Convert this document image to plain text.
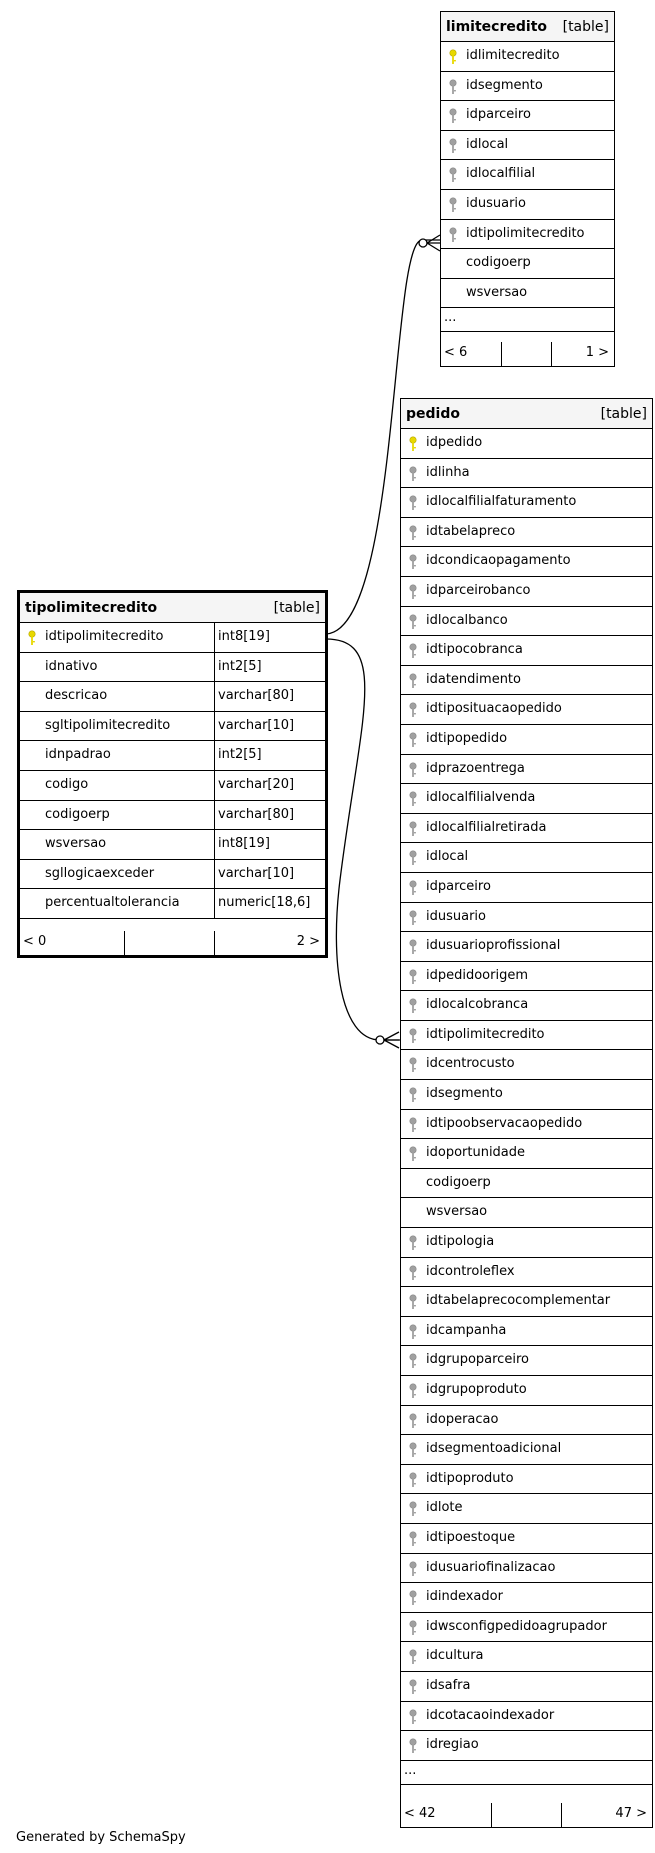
limitecredito [table]
idlimitecredito
idsegmento
idparceiro
idlocal
idlocalfilial
idusuario
idtipolimitecredito
codigoerp
wsversao
...
< 6	1 >
pedido	[table]
idpedido
idlinha
idlocalfilialfaturamento
idtabelapreco
idcondicaopagamento
idparceirobanco
idlocalbanco
idtipocobranca
idatendimento
idtiposituacaopedido
idtipopedido
idprazoentrega
idlocalfilialvenda
idlocalfilialretirada
idlocal
idparceiro
idusuario
idusuarioprofissional
idpedidoorigem
idlocalcobranca
idtipolimitecredito
idcentrocusto
idsegmento
idtipoobservacaopedido
idoportunidade
codigoerp
wsversao
idtipologia
idcontroleflex
idtabelaprecocomplementar
idcampanha
idgrupoparceiro
idgrupoproduto
idoperacao
idsegmentoadicional
idtipoproduto
idlote
idtipoestoque
idusuariofinalizacao
idindexador
idwsconfigpedidoagrupador
idcultura
idsafra
idcotacaoindexador
idregiao
...
< 42	47 >
tipolimitecredito	[table]
idtipolimitecredito	int8[19]
idnativo	int2[5]
descricao	varchar[80]
sgltipolimitecredito	varchar[10]
idnpadrao	int2[5]
codigo	varchar[20]
codigoerp	varchar[80]
wsversao	int8[19]
sgllogicaexceder	varchar[10]
percentualtolerancia	numeric[18,6]
< 0	2 >
Generated by SchemaSpy
